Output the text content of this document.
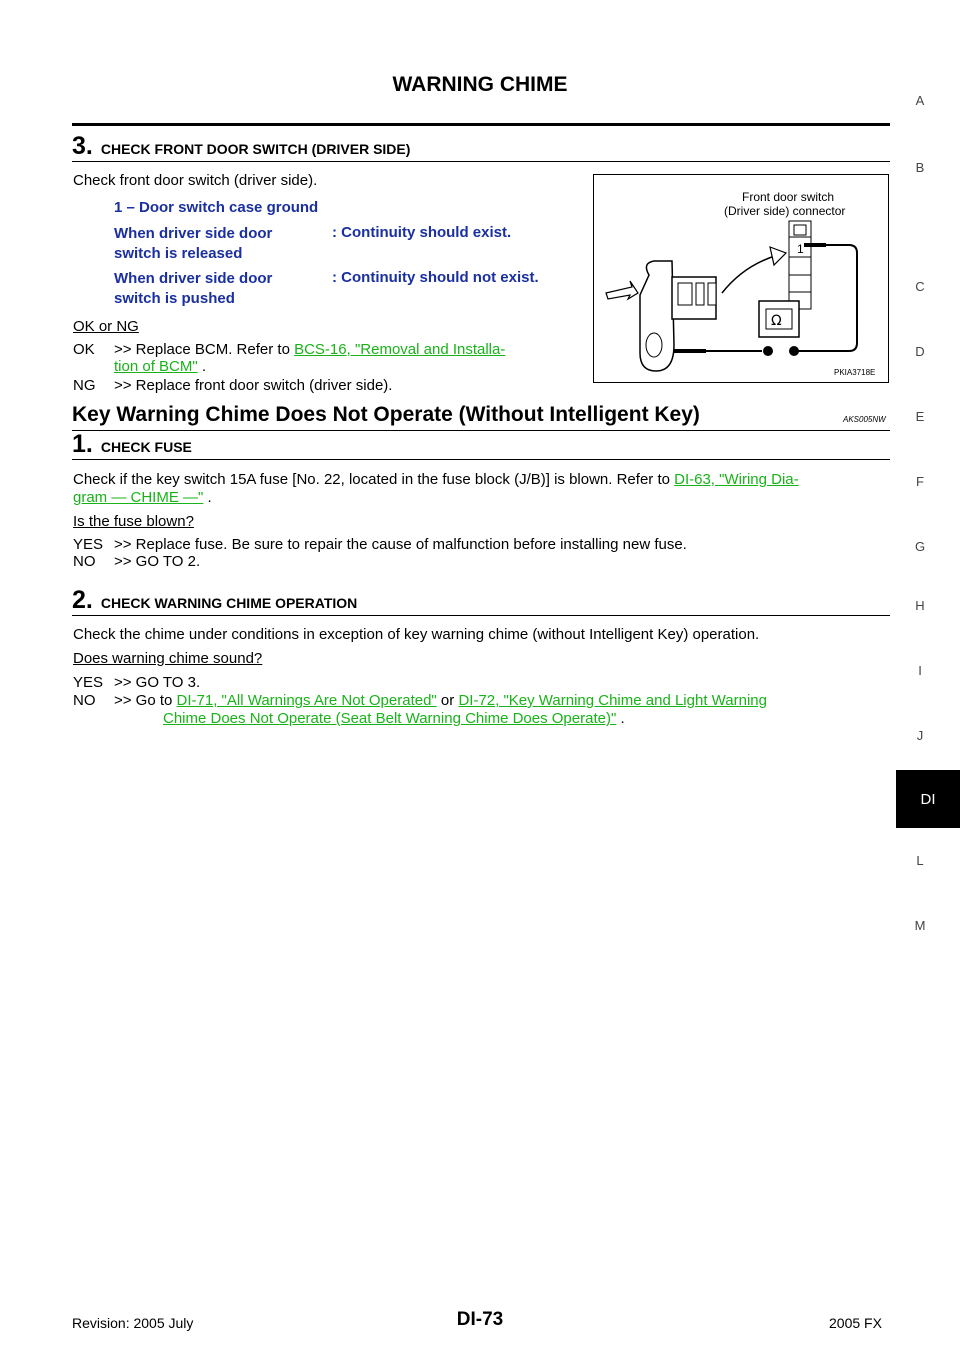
WARNING CHIME
3. CHECK FRONT DOOR SWITCH (DRIVER SIDE)
Check front door switch (driver side).
1 – Door switch case ground
When driver side door
switch is released
: Continuity should exist.
When driver side door
switch is pushed
: Continuity should not exist.
OK or NG
OK >> Replace BCM. Refer to BCS-16, "Removal and Installa-
tion of BCM" .
NG >> Replace front door switch (driver side).
Front door switch
(Driver side) connector
1
Ω
PKIA3718E
Key Warning Chime Does Not Operate (Without Intelligent Key)	AKS005NW
1. CHECK FUSE
Check if the key switch 15A fuse [No. 22, located in the fuse block (J/B)] is blown. Refer to DI-63, "Wiring Dia-
gram — CHIME —" .
Is the fuse blown?
YES >> Replace fuse. Be sure to repair the cause of malfunction before installing new fuse.
NO >> GO TO 2.
2. CHECK WARNING CHIME OPERATION
Check the chime under conditions in exception of key warning chime (without Intelligent Key) operation.
Does warning chime sound?
YES >> GO TO 3.
NO >> Go to DI-71, "All Warnings Are Not Operated" or DI-72, "Key Warning Chime and Light Warning
Chime Does Not Operate (Seat Belt Warning Chime Does Operate)" .
A
B
C
D
E
F
G
H
I
J
DI
L
M
Revision: 2005 July	DI-73	2005 FX
